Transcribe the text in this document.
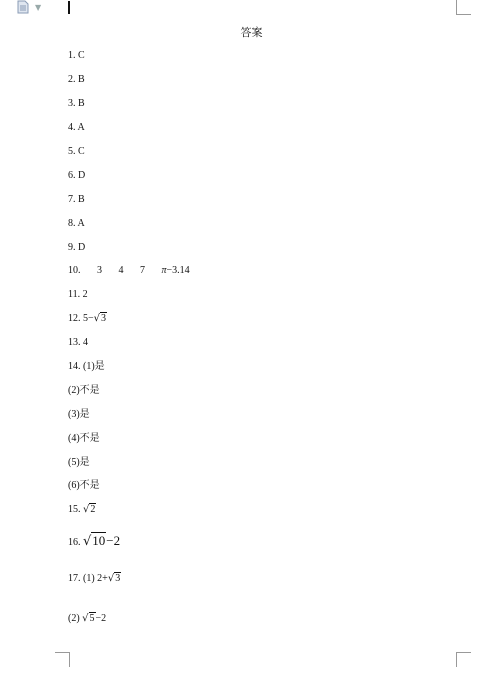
▼
答案
1. C
2. B
3. B
4. A
5. C
6. D
7. B
8. A
9. D
10. 3 4 7 π−3.14
11. 2
12. 5−√3
13. 4
14. (1)是
(2)不是
(3)是
(4)不是
(5)是
(6)不是
15. √2
16. √10−2
17. (1) 2+√3
(2) √5−2
